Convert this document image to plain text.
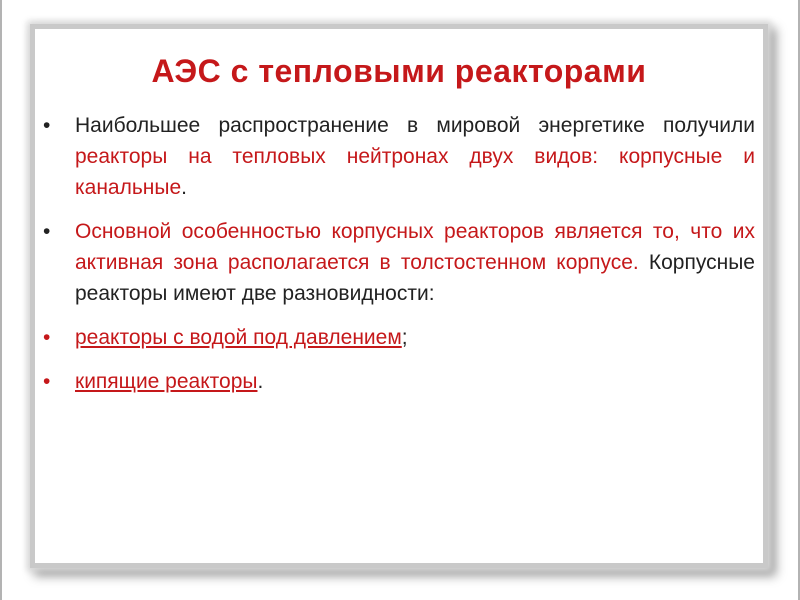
АЭС с тепловыми реакторами
•	Наибольшее распространение в мировой энергетике получили реакторы на тепловых нейтронах двух видов: корпусные и канальные.
•	Основной особенностью корпусных реакторов является то, что их активная зона располагается в толстостенном корпусе. Корпусные реакторы имеют две разновидности:
•	реакторы с водой под давлением;
•	кипящие реакторы.
